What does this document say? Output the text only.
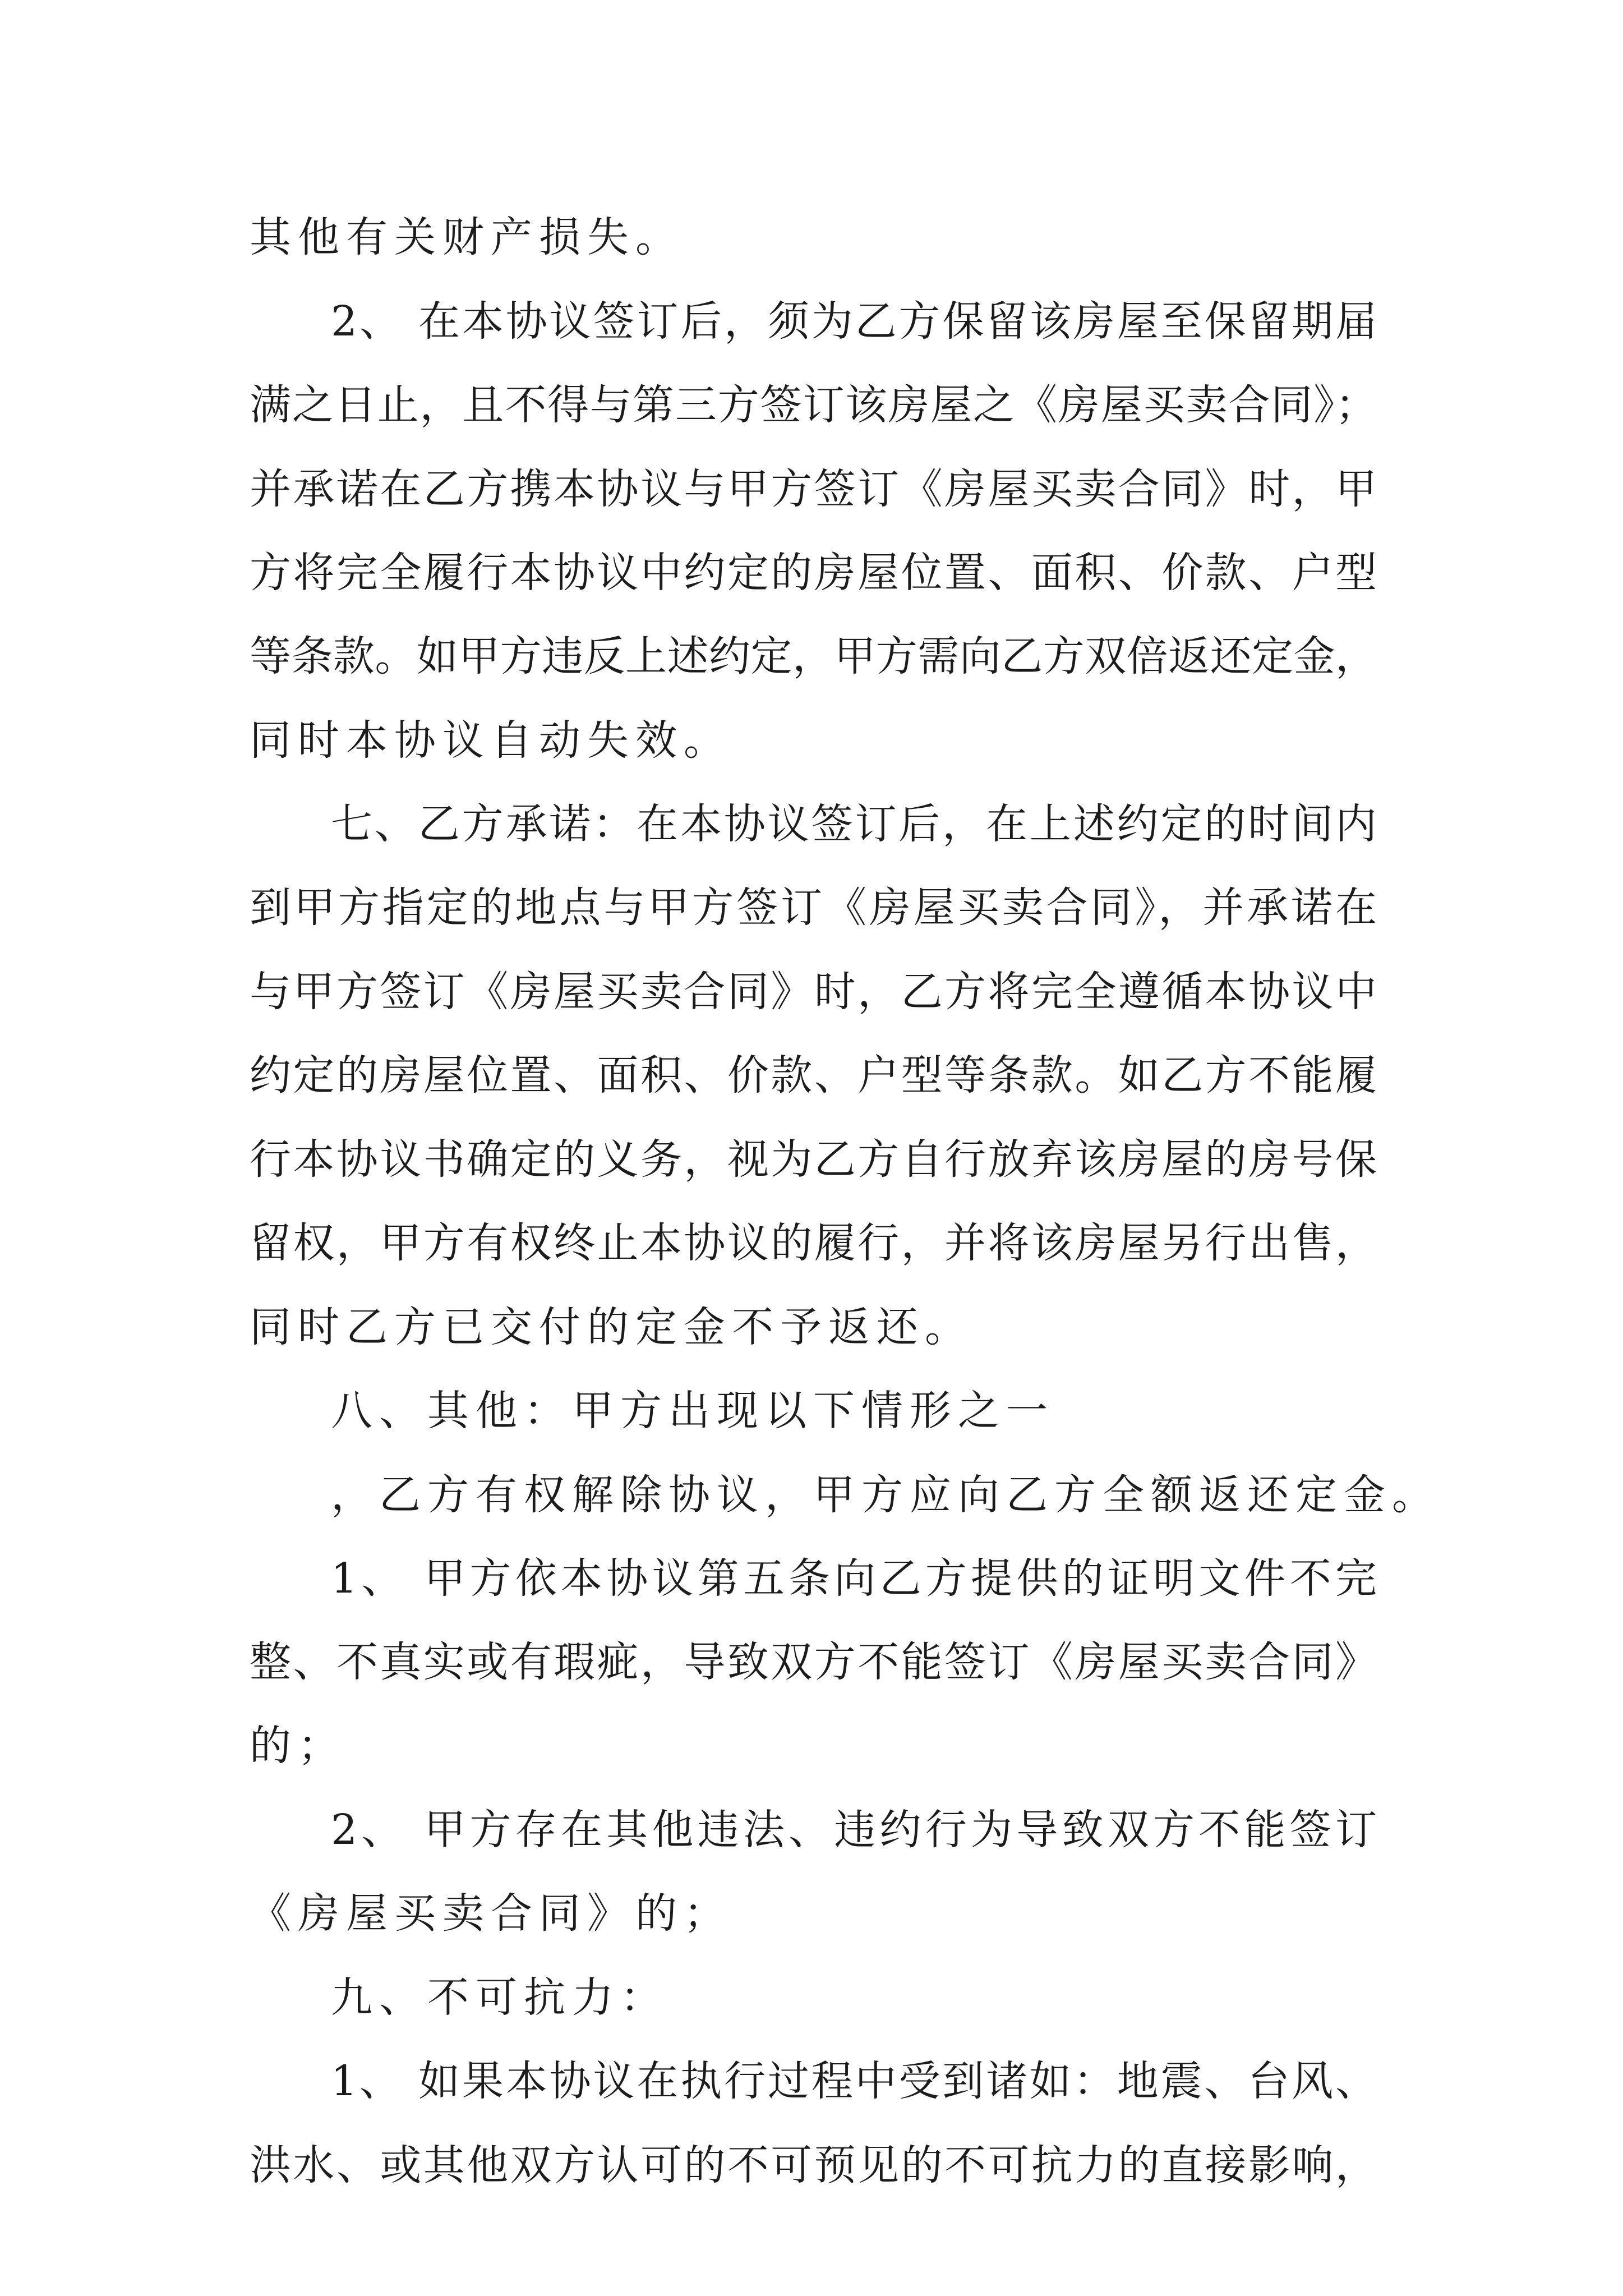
其他有关财产损失。
2、 在本协议签订后，须为乙方保留该房屋至保留期届
满之日止，且不得与第三方签订该房屋之《房屋买卖合同》；
并承诺在乙方携本协议与甲方签订《房屋买卖合同》时，甲
方将完全履行本协议中约定的房屋位置、面积、价款、户型
等条款。如甲方违反上述约定，甲方需向乙方双倍返还定金，
同时本协议自动失效。
七、乙方承诺：在本协议签订后，在上述约定的时间内
到甲方指定的地点与甲方签订《房屋买卖合同》，并承诺在
与甲方签订《房屋买卖合同》时，乙方将完全遵循本协议中
约定的房屋位置、面积、价款、户型等条款。如乙方不能履
行本协议书确定的义务，视为乙方自行放弃该房屋的房号保
留权，甲方有权终止本协议的履行，并将该房屋另行出售，
同时乙方已交付的定金不予返还。
八、其他：甲方出现以下情形之一
，乙方有权解除协议，甲方应向乙方全额返还定金。
1、 甲方依本协议第五条向乙方提供的证明文件不完
整、不真实或有瑕疵，导致双方不能签订《房屋买卖合同》
的；
2、 甲方存在其他违法、违约行为导致双方不能签订
《房屋买卖合同》的；
九、不可抗力：
1、 如果本协议在执行过程中受到诸如：地震、台风、
洪水、或其他双方认可的不可预见的不可抗力的直接影响，
